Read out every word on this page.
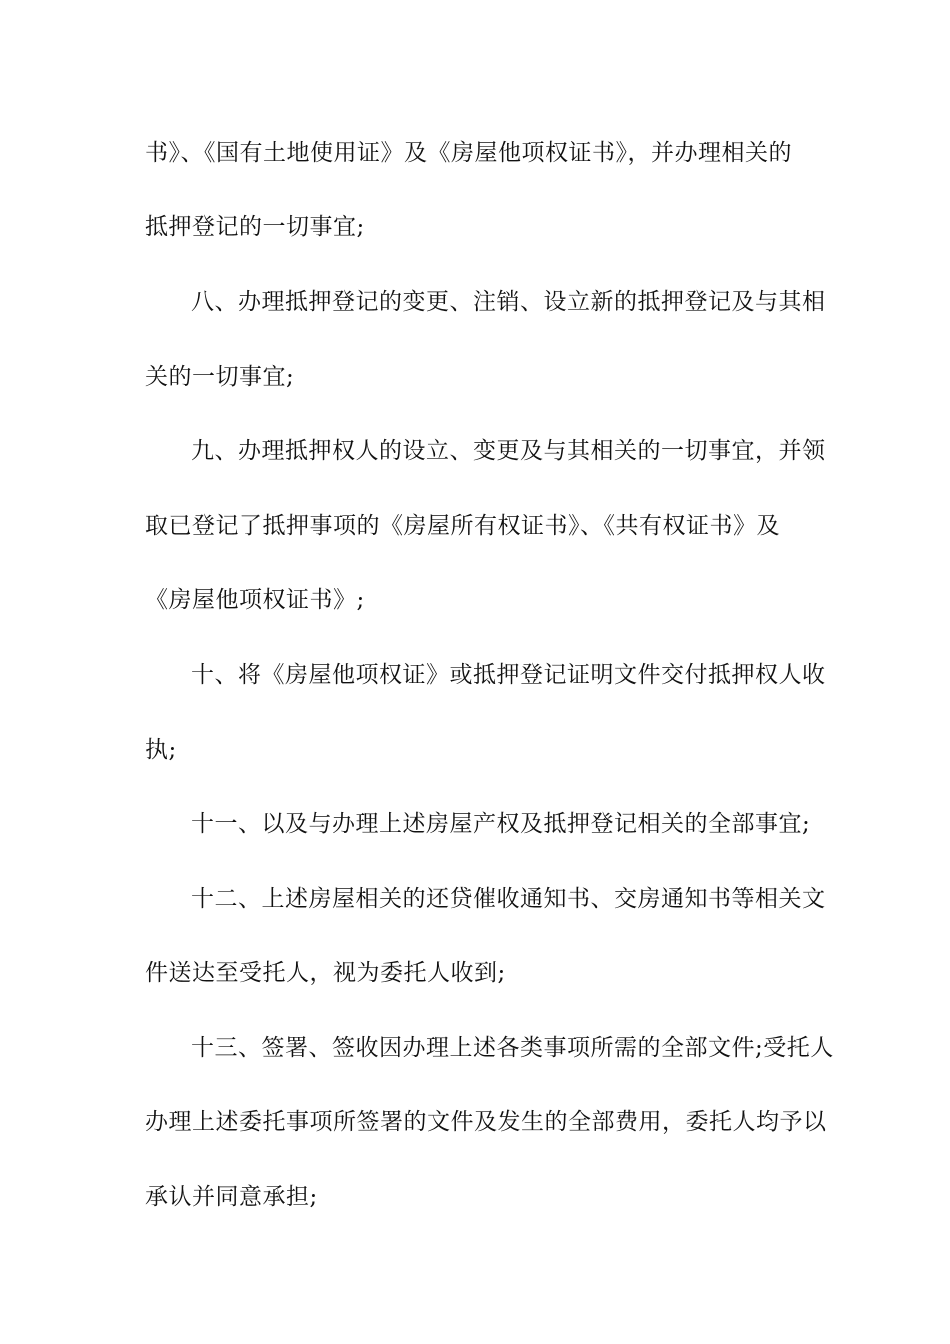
书》、《国有土地使用证》及《房屋他项权证书》，并办理相关的
抵押登记的一切事宜;
八、办理抵押登记的变更、注销、设立新的抵押登记及与其相
关的一切事宜;
九、办理抵押权人的设立、变更及与其相关的一切事宜，并领
取已登记了抵押事项的《房屋所有权证书》、《共有权证书》及
《房屋他项权证书》;
十、将《房屋他项权证》或抵押登记证明文件交付抵押权人收
执;
十一、以及与办理上述房屋产权及抵押登记相关的全部事宜;
十二、上述房屋相关的还贷催收通知书、交房通知书等相关文
件送达至受托人，视为委托人收到;
十三、签署、签收因办理上述各类事项所需的全部文件;受托人
办理上述委托事项所签署的文件及发生的全部费用，委托人均予以
承认并同意承担;
